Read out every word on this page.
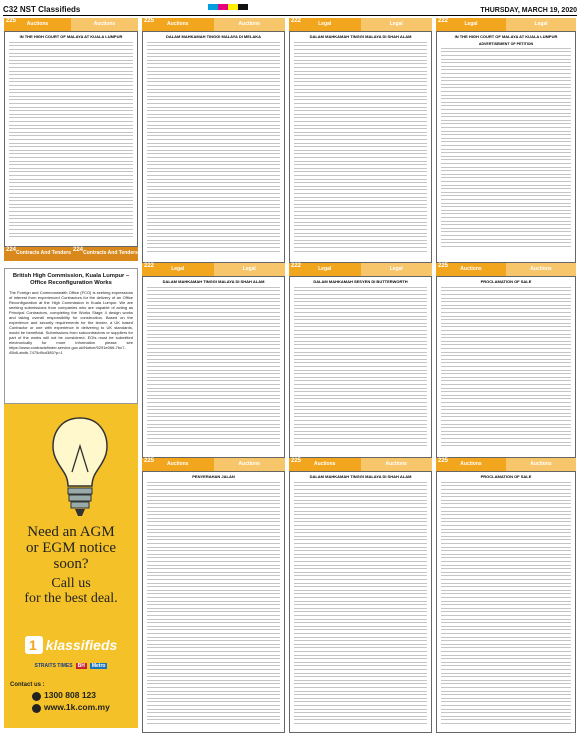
C32 NST Classifieds	THURSDAY, MARCH 19, 2020
225 Auctions	Auctions
IN THE HIGH COURT OF MALAYA AT KUALA LUMPUR
224
Contracts And Tenders
224
Contracts And Tenders
British High Commission, Kuala Lumpur – Office Reconfiguration Works

The Foreign and Commonwealth Office (FCO) is seeking expressions of interest from experienced Contractors for the delivery of an Office Reconfiguration at the High Commission in Kuala Lumpur. We are seeking submissions from companies who are capable of acting as Principal Contractors, completing the Works Stage 4 design works and taking overall responsibility for construction. Based on the experience and security requirements for the tender, a UK based Contractor or one with experience in delivering to UK standards, would be beneficial. Submissions from subcontractors or suppliers for part of the works will not be considered. EOIs must be submitted electronically for more information please see https://www.contractsfinder.service.gov.uk/Notice/5291e066-7bc7-45b8-abdb-7475d9cd385?p=1

Need an AGM
or EGM notice
soon?
Call us
for the best deal.
1 klassifieds
STRAITS TIMES	BH	Metro
Contact us :
1300 808 123
www.1k.com.my
225	Auctions	Auctions
DALAM MAHKAMAH TINGGI MALAYA DI MELAKA
222	Legal	Legal
DALAM MAHKAMAH TINGGI MALAYA DI SHAH ALAM
225	Auctions	Auctions
PENYERAHAN JALAN
222	Legal	Legal
DALAM MAHKAMAH TINGGI MALAYA DI SHAH ALAM
222	Legal	Legal
DALAM MAHKAMAH SESYEN DI BUTTERWORTH
225	Auctions	Auctions
DALAM MAHKAMAH TINGGI MALAYA DI SHAH ALAM
222	Legal	Legal
IN THE HIGH COURT OF MALAYA AT KUALA LUMPUR
ADVERTISEMENT OF PETITION
225 Auctions	Auctions
PROCLAMATION OF SALE
225 Auctions	Auctions
PROCLAMATION OF SALE
